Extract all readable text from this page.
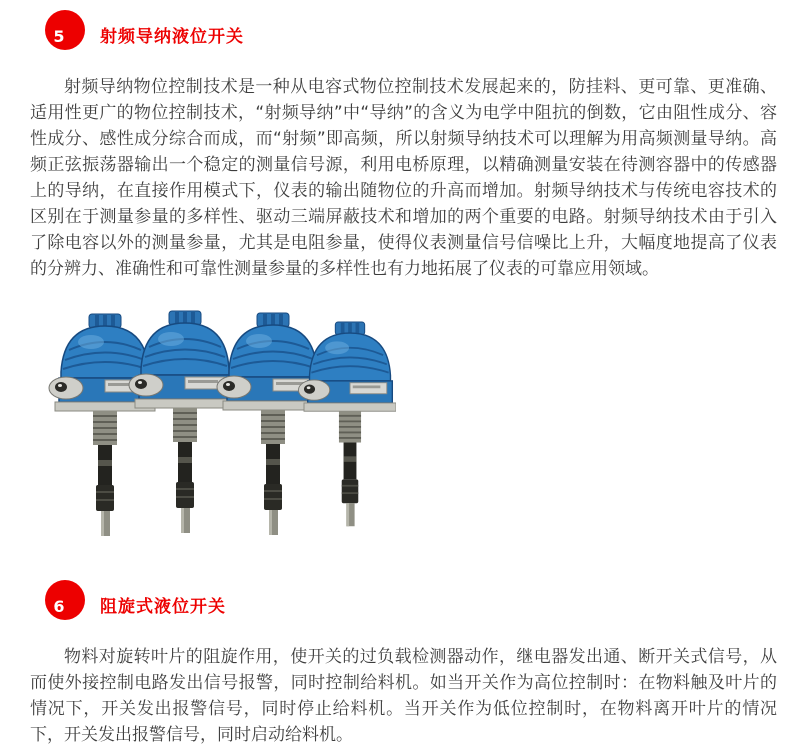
5 射频导纳液位开关

射频导纳物位控制技术是一种从电容式物位控制技术发展起来的，防挂料、更可靠、更准确、适用性更广的物位控制技术，“射频导纳”中“导纳”的含义为电学中阻抗的倒数，它由阻性成分、容性成分、感性成分综合而成，而“射频”即高频，所以射频导纳技术可以理解为用高频测量导纳。高频正弦振荡器输出一个稳定的测量信号源，利用电桥原理，以精确测量安装在待测容器中的传感器上的导纳，在直接作用模式下，仪表的输出随物位的升高而增加。射频导纳技术与传统电容技术的区别在于测量参量的多样性、驱动三端屏蔽技术和增加的两个重要的电路。射频导纳技术由于引入了除电容以外的测量参量，尤其是电阻参量，使得仪表测量信号信噪比上升，大幅度地提高了仪表的分辨力、准确性和可靠性测量参量的多样性也有力地拓展了仪表的可靠应用领域。

6 阻旋式液位开关

物料对旋转叶片的阻旋作用，使开关的过负载检测器动作，继电器发出通、断开关式信号，从而使外接控制电路发出信号报警，同时控制给料机。如当开关作为高位控制时：在物料触及叶片的情况下，开关发出报警信号，同时停止给料机。当开关作为低位控制时，在物料离开叶片的情况下，开关发出报警信号，同时启动给料机。
